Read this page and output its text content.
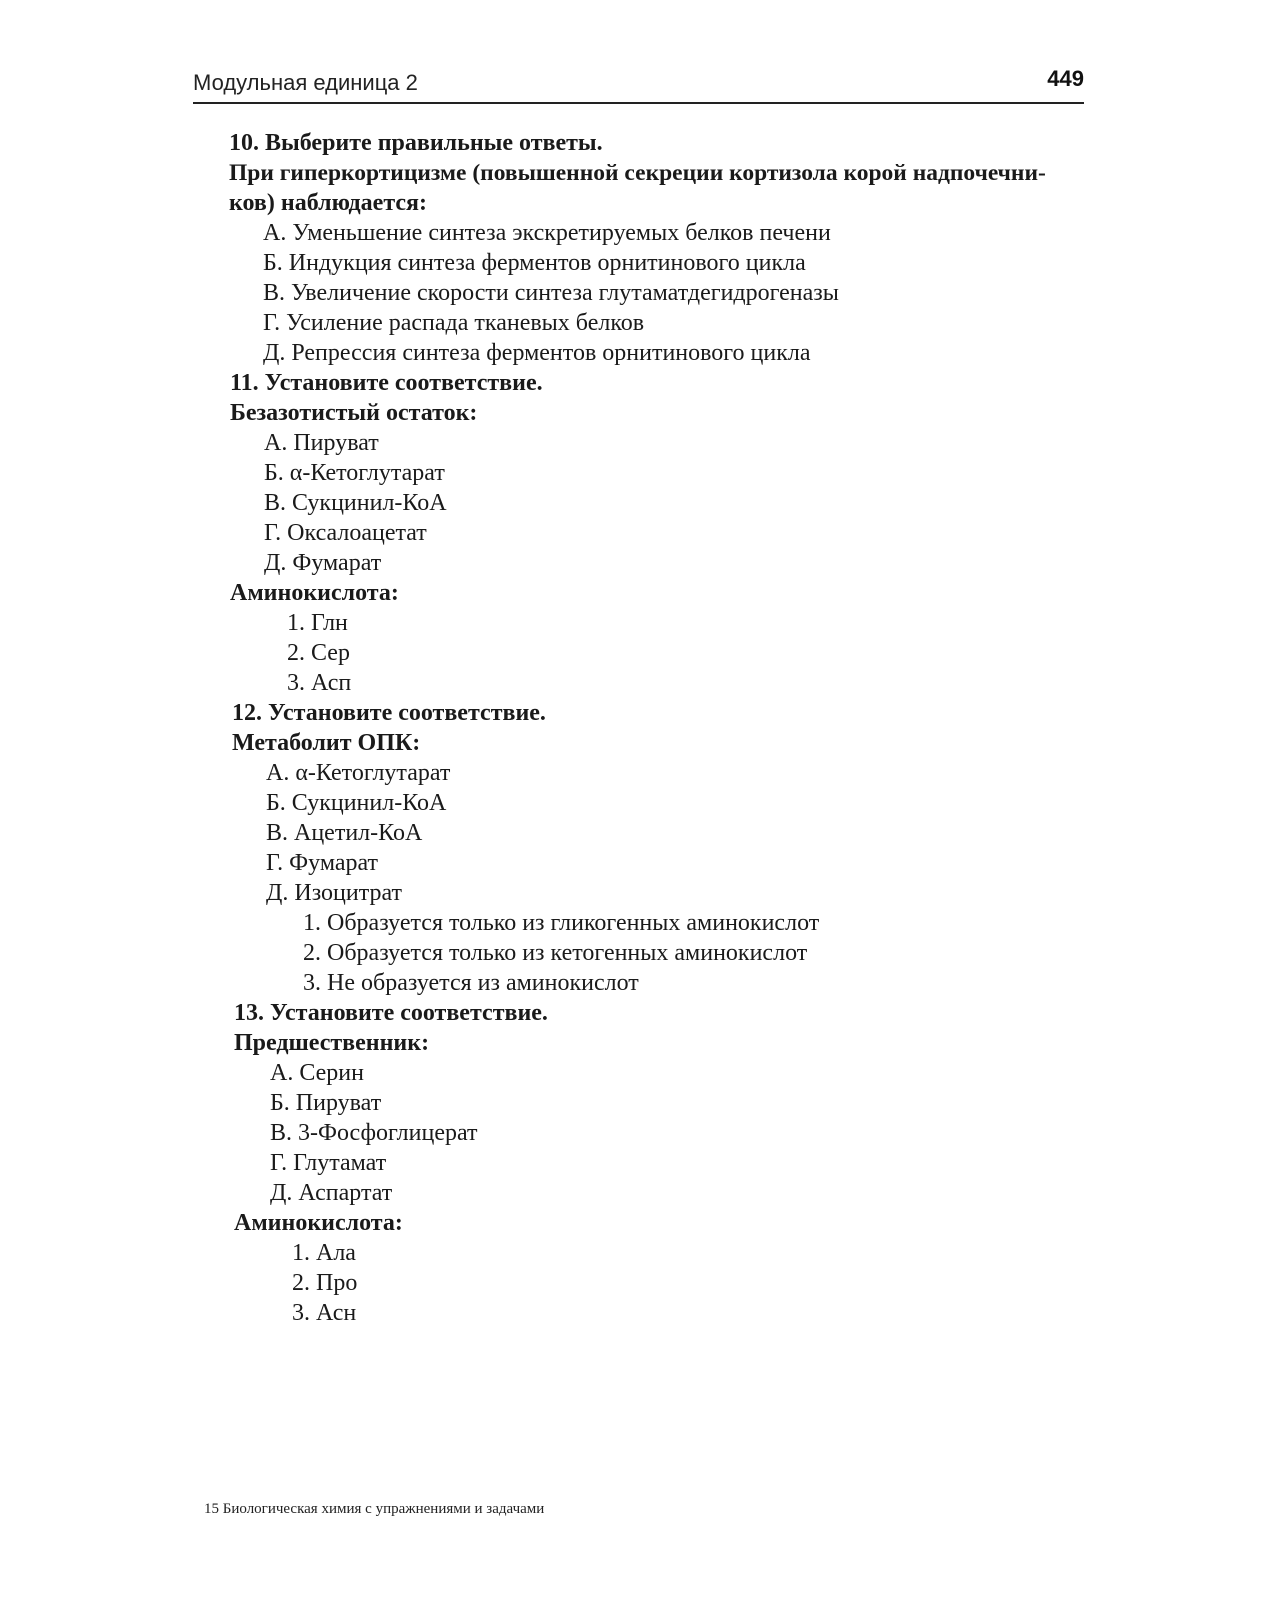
Модульная единица 2	449
10. Выберите правильные ответы.
При гиперкортицизме (повышенной секреции кортизола корой надпочечни-
ков) наблюдается:
А. Уменьшение синтеза экскретируемых белков печени
Б. Индукция синтеза ферментов орнитинового цикла
В. Увеличение скорости синтеза глутаматдегидрогеназы
Г. Усиление распада тканевых белков
Д. Репрессия синтеза ферментов орнитинового цикла
11. Установите соответствие.
Безазотистый остаток:
А. Пируват
Б. α-Кетоглутарат
В. Сукцинил-КоА
Г. Оксалоацетат
Д. Фумарат
Аминокислота:
1. Глн
2. Сер
3. Асп
12. Установите соответствие.
Метаболит ОПК:
А. α-Кетоглутарат
Б. Сукцинил-КоА
В. Ацетил-КоА
Г. Фумарат
Д. Изоцитрат
1. Образуется только из гликогенных аминокислот
2. Образуется только из кетогенных аминокислот
3. Не образуется из аминокислот
13. Установите соответствие.
Предшественник:
А. Серин
Б. Пируват
В. 3-Фосфоглицерат
Г. Глутамат
Д. Аспартат
Аминокислота:
1. Ала
2. Про
3. Асн
15 Биологическая химия с упражнениями и задачами
